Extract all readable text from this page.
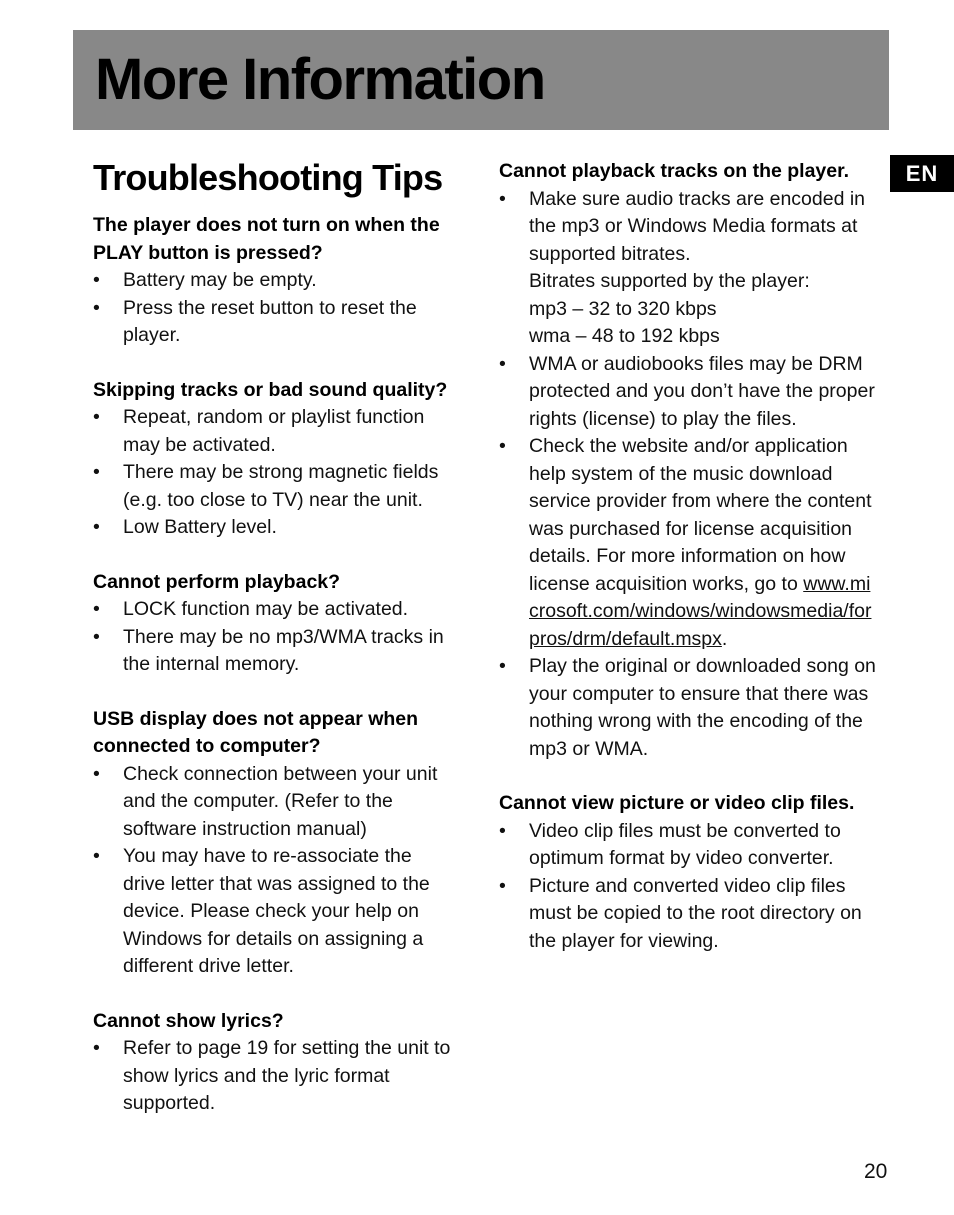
More Information
EN
Troubleshooting Tips

The player does not turn on when the PLAY button is pressed?

•	Battery may be empty.
•	Press the reset button to reset the player.

Skipping tracks or bad sound quality?

•	Repeat, random or playlist function may be activated.
•	There may be strong magnetic fields (e.g. too close to TV) near the unit.
•	Low Battery level.

Cannot perform playback?

•	LOCK function may be activated.
•	There may be no mp3/WMA tracks in the internal memory.

USB display does not appear when connected to computer?

•	Check connection between your unit and the computer. (Refer to the software instruction manual)
•	You may have to re-associate the drive letter that was assigned to the device. Please check your help on Windows for details on assigning a different drive letter.

Cannot show lyrics?

•	Refer to page 19 for setting the unit to show lyrics and the lyric format supported.

Cannot playback tracks on the player.

•	Make sure audio tracks are encoded in the mp3 or Windows Media formats at supported bitrates.
Bitrates supported by the player:
mp3 – 32 to 320 kbps
wma – 48 to 192 kbps
•	WMA or audiobooks files may be DRM protected and you don’t have the proper rights (license) to play the files.
•	Check the website and/or application help system of the music download service provider from where the content was purchased for license acquisition details. For more information on how license acquisition works, go to www.microsoft.com/windows/windowsmedia/forpros/drm/default.mspx.
•	Play the original or downloaded song on your computer to ensure that there was nothing wrong with the encoding of the mp3 or WMA.

Cannot view picture or video clip files.

•	Video clip files must be converted to optimum format by video converter.
•	Picture and converted video clip files must be copied to the root directory on the player for viewing.
20
